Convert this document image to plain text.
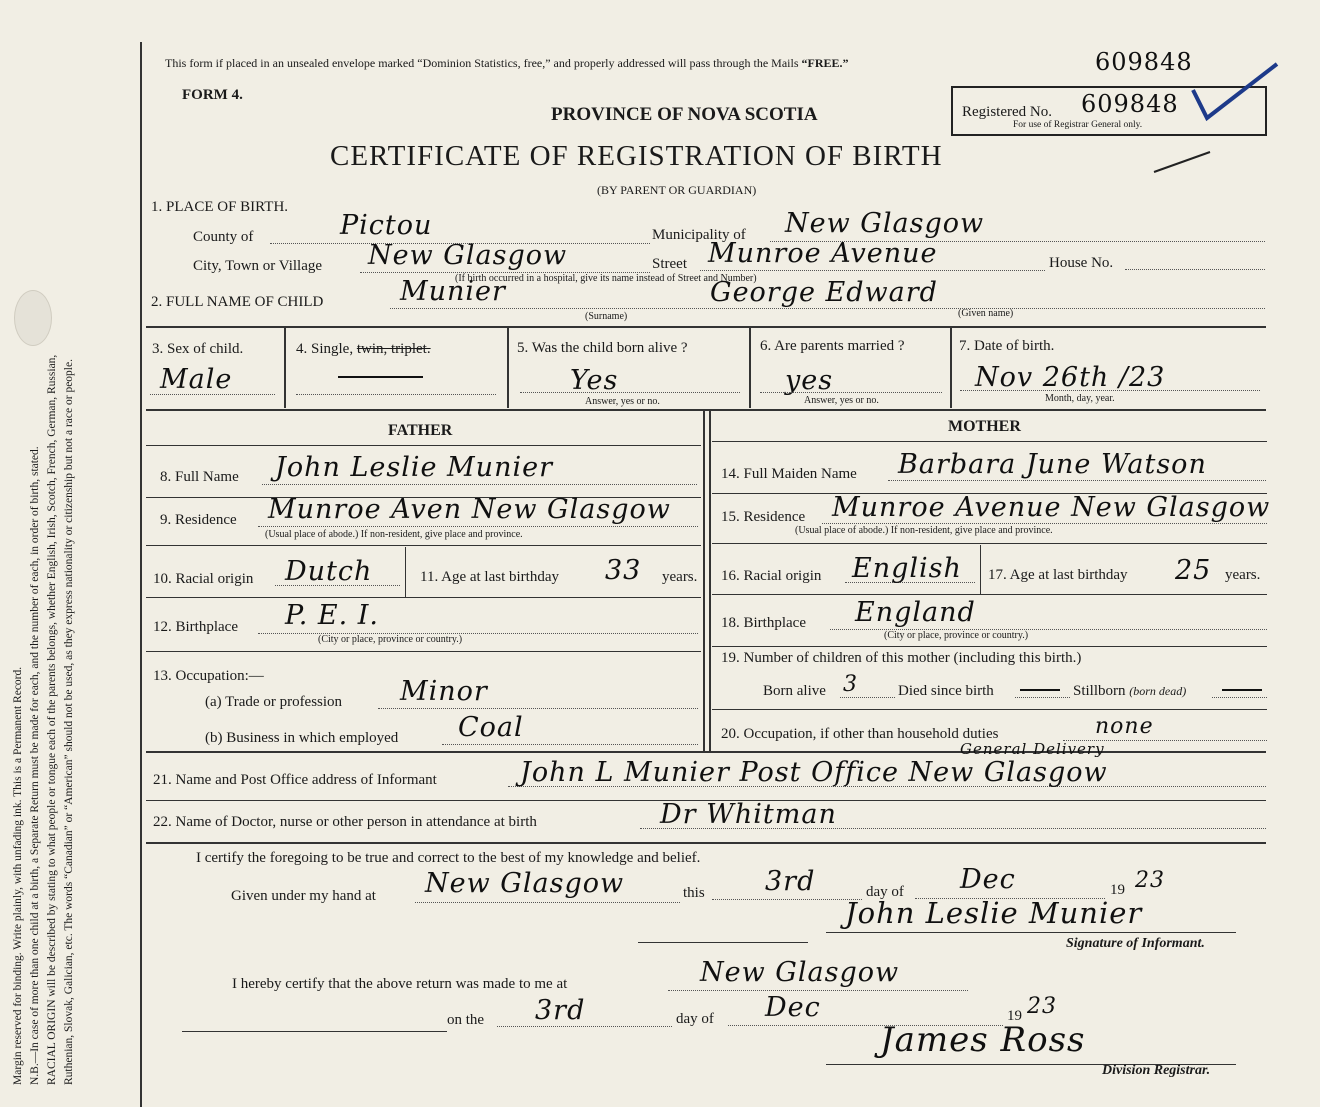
Margin reserved for binding. Write plainly, with unfading ink. This is a Permanent Record. N.B.—In case of more than one child at a birth, a Separate Return must be made for each, and the number of each, in order of birth, stated. RACIAL ORIGIN will be described by stating to what people or tongue each of the parents belongs, whether English, Irish, Scotch, French, German, Russian, Ruthenian, Slovak, Galician, etc. The words “Canadian” or “American” should not be used, as they express nationality or citizenship but not a race or people.
This form if placed in an unsealed envelope marked “Dominion Statistics, free,” and properly addressed will pass through the Mails “FREE.”	609848
FORM 4.
PROVINCE OF NOVA SCOTIA
CERTIFICATE OF REGISTRATION OF BIRTH
(BY PARENT OR GUARDIAN)
Registered No. 609848
For use of Registrar General only.
1. PLACE OF BIRTH.
County of	Pictou	Municipality of New Glasgow
City, Town or Village New Glasgow	Street Munroe Avenue	House No.
(If birth occurred in a hospital, give its name instead of Street and Number)
2. FULL NAME OF CHILD	Munier	George Edward
(Surname)	(Given name)
3. Sex of child.
Male
4. Single, twin, triplet.	5. Was the child born alive ?
Yes
Answer, yes or no.
6. Are parents married ?
yes
Answer, yes or no.
7. Date of birth.
Nov 26th /23
Month, day, year.
FATHER	MOTHER
8. Full Name John Leslie Munier
9. Residence Munroe Aven New Glasgow
(Usual place of abode.) If non-resident, give place and province.
10. Racial origin Dutch	11. Age at last birthday 33 years.
12. Birthplace P. E. I.
(City or place, province or country.)
13. Occupation:—
(a) Trade or profession Minor
(b) Business in which employed Coal
14. Full Maiden Name Barbara June Watson
15. Residence Munroe Avenue New Glasgow
(Usual place of abode.) If non-resident, give place and province.
16. Racial origin English 17. Age at last birthday 25 years.
18. Birthplace England
(City or place, province or country.)
19. Number of children of this mother (including this birth.)
Born alive 3	Died since birth	Stillborn (born dead)
20. Occupation, if other than household duties	none
21. Name and Post Office address of Informant	John L Munier Post Office New Glasgow
General Delivery
22. Name of Doctor, nurse or other person in attendance at birth	Dr Whitman
I certify the foregoing to be true and correct to the best of my knowledge and belief.
Given under my hand at New Glasgow	this 3rd	day of Dec	19 23
John Leslie Munier
Signature of Informant.
I hereby certify that the above return was made to me at	New Glasgow
on the 3rd	day of Dec	19 23
James Ross
Division Registrar.
